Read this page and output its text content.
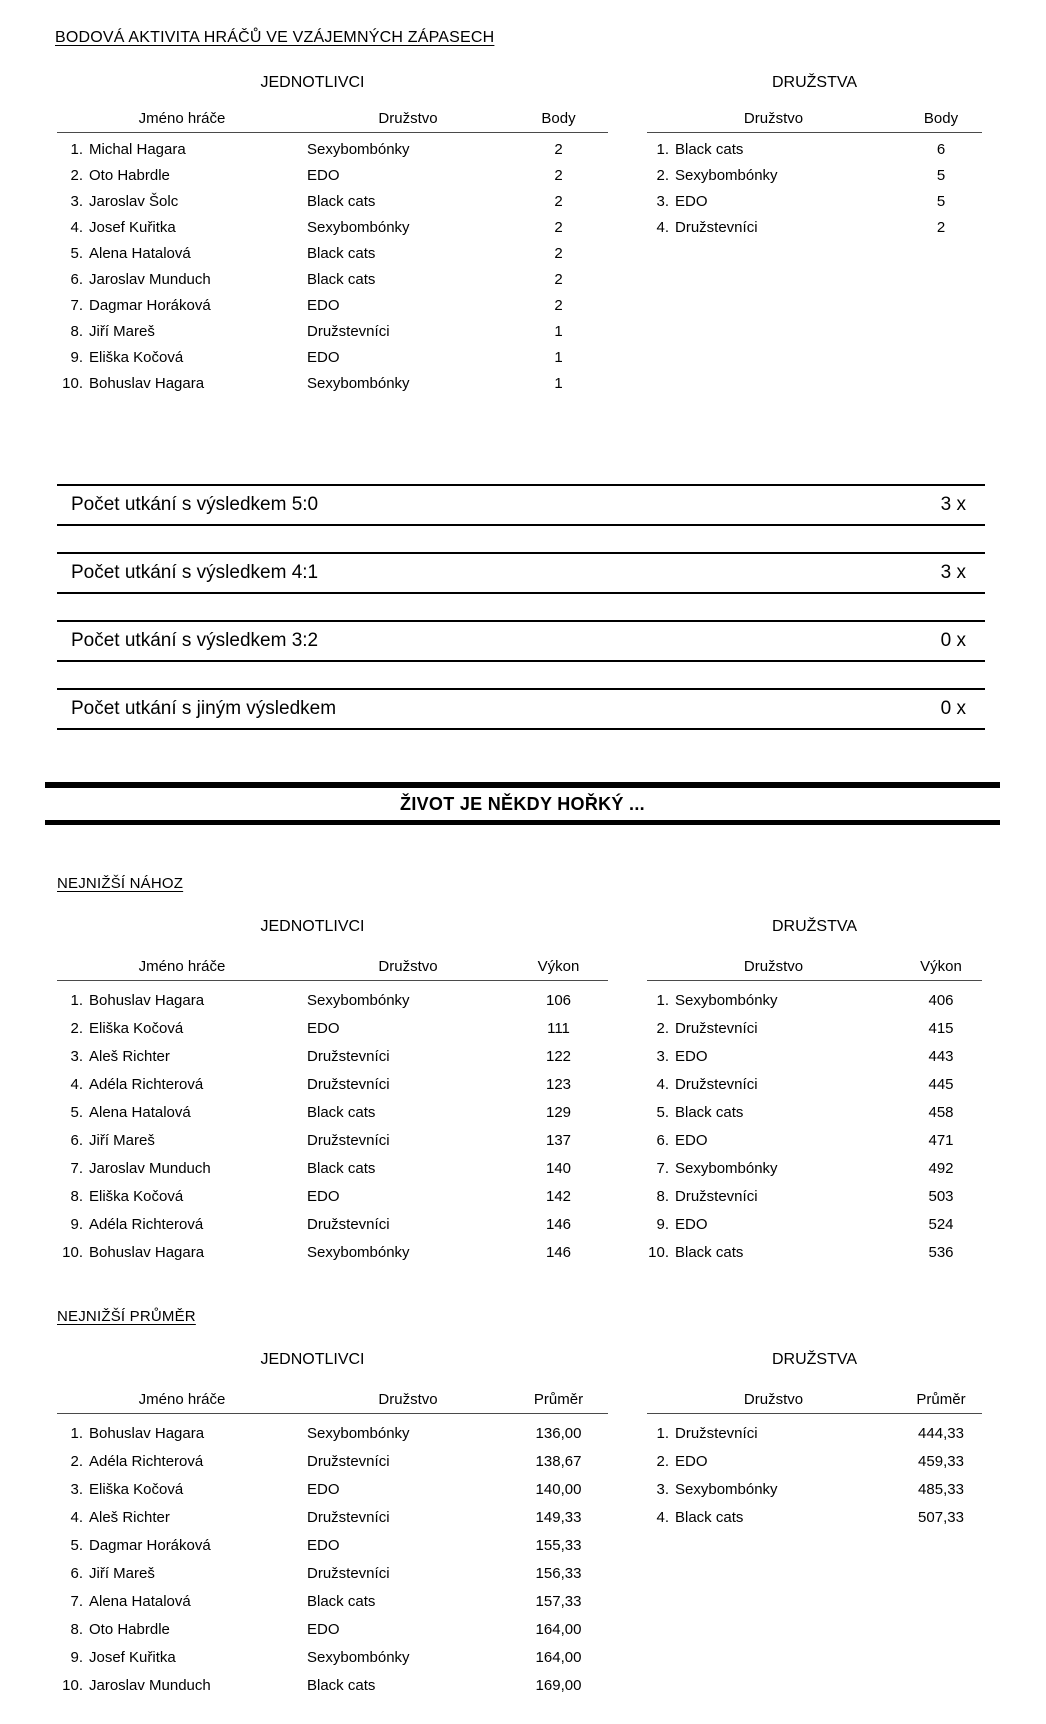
BODOVÁ AKTIVITA HRÁČŮ VE VZÁJEMNÝCH ZÁPASECH
JEDNOTLIVCI
Jméno hráče	Družstvo	Body
1. Michal Hagara	Sexybombónky	2
2. Oto Habrdle	EDO	2
3. Jaroslav Šolc	Black cats	2
4. Josef Kuřitka	Sexybombónky	2
5. Alena Hatalová	Black cats	2
6. Jaroslav Munduch	Black cats	2
7. Dagmar Horáková	EDO	2
8. Jiří Mareš	Družstevníci	1
9. Eliška Kočová	EDO	1
10. Bohuslav Hagara	Sexybombónky	1
DRUŽSTVA
Družstvo	Body
1. Black cats	6
2. Sexybombónky	5
3. EDO	5
4. Družstevníci	2
Počet utkání s výsledkem 5:0	3 x
Počet utkání s výsledkem 4:1	3 x
Počet utkání s výsledkem 3:2	0 x
Počet utkání s jiným výsledkem	0 x
ŽIVOT JE NĚKDY HOŘKÝ ...
NEJNIŽŠÍ NÁHOZ
JEDNOTLIVCI
Jméno hráče	Družstvo	Výkon
1. Bohuslav Hagara	Sexybombónky	106
2. Eliška Kočová	EDO	111
3. Aleš Richter	Družstevníci	122
4. Adéla Richterová	Družstevníci	123
5. Alena Hatalová	Black cats	129
6. Jiří Mareš	Družstevníci	137
7. Jaroslav Munduch	Black cats	140
8. Eliška Kočová	EDO	142
9. Adéla Richterová	Družstevníci	146
10. Bohuslav Hagara	Sexybombónky	146
DRUŽSTVA
Družstvo	Výkon
1. Sexybombónky	406
2. Družstevníci	415
3. EDO	443
4. Družstevníci	445
5. Black cats	458
6. EDO	471
7. Sexybombónky	492
8. Družstevníci	503
9. EDO	524
10. Black cats	536
NEJNIŽŠÍ PRŮMĚR
JEDNOTLIVCI
Jméno hráče	Družstvo	Průměr
1. Bohuslav Hagara	Sexybombónky	136,00
2. Adéla Richterová	Družstevníci	138,67
3. Eliška Kočová	EDO	140,00
4. Aleš Richter	Družstevníci	149,33
5. Dagmar Horáková	EDO	155,33
6. Jiří Mareš	Družstevníci	156,33
7. Alena Hatalová	Black cats	157,33
8. Oto Habrdle	EDO	164,00
9. Josef Kuřitka	Sexybombónky	164,00
10. Jaroslav Munduch	Black cats	169,00
DRUŽSTVA
Družstvo	Průměr
1. Družstevníci	444,33
2. EDO	459,33
3. Sexybombónky	485,33
4. Black cats	507,33
